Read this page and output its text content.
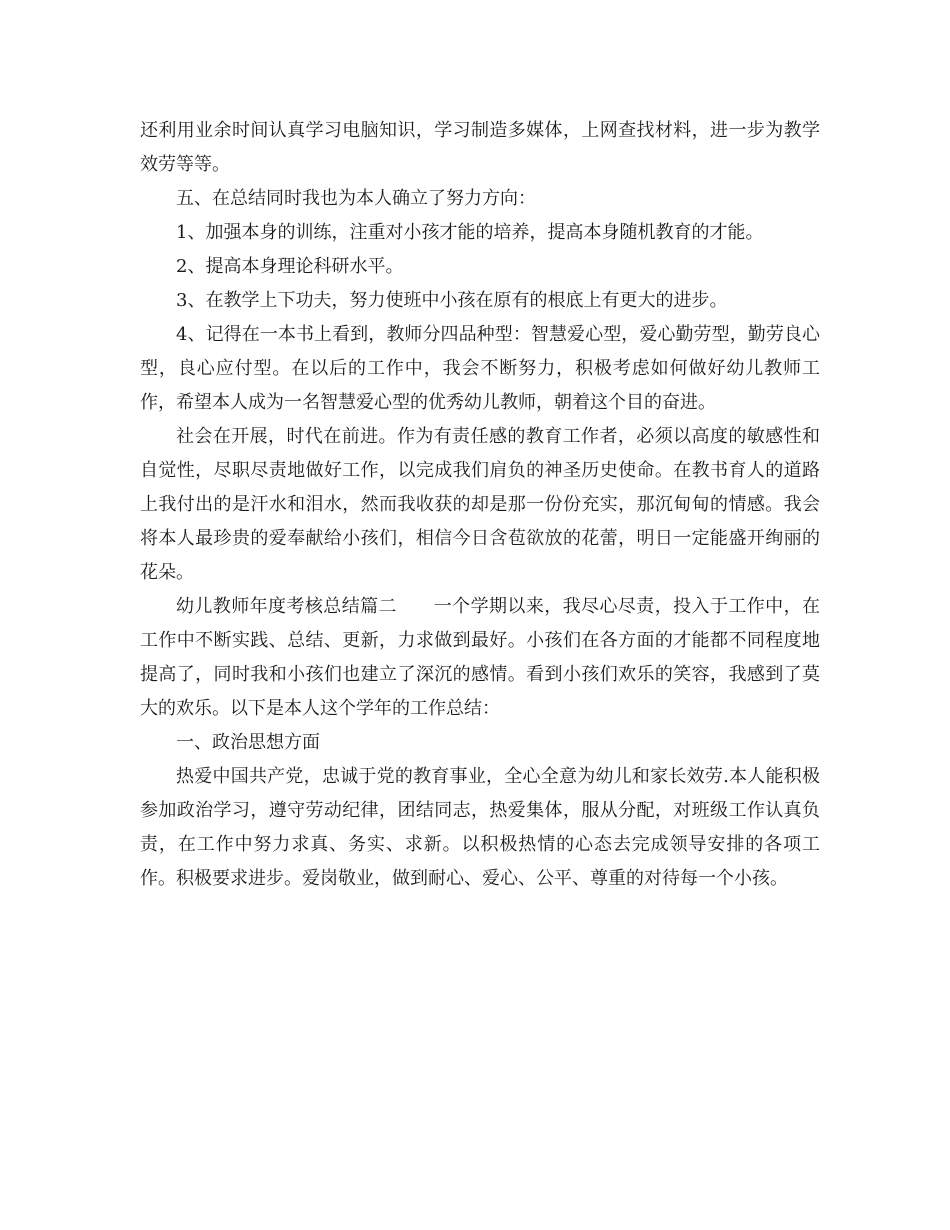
还利用业余时间认真学习电脑知识，学习制造多媒体，上网查找材料，进一步为教学效劳等等。

五、在总结同时我也为本人确立了努力方向：

1、加强本身的训练，注重对小孩才能的培养，提高本身随机教育的才能。

2、提高本身理论科研水平。

3、在教学上下功夫，努力使班中小孩在原有的根底上有更大的进步。

4、记得在一本书上看到，教师分四品种型：智慧爱心型，爱心勤劳型，勤劳良心型，良心应付型。在以后的工作中，我会不断努力，积极考虑如何做好幼儿教师工作，希望本人成为一名智慧爱心型的优秀幼儿教师，朝着这个目的奋进。

社会在开展，时代在前进。作为有责任感的教育工作者，必须以高度的敏感性和自觉性，尽职尽责地做好工作，以完成我们肩负的神圣历史使命。在教书育人的道路上我付出的是汗水和泪水，然而我收获的却是那一份份充实，那沉甸甸的情感。我会将本人最珍贵的爱奉献给小孩们，相信今日含苞欲放的花蕾，明日一定能盛开绚丽的花朵。

幼儿教师年度考核总结篇二　　一个学期以来，我尽心尽责，投入于工作中，在工作中不断实践、总结、更新，力求做到最好。小孩们在各方面的才能都不同程度地提高了，同时我和小孩们也建立了深沉的感情。看到小孩们欢乐的笑容，我感到了莫大的欢乐。以下是本人这个学年的工作总结：

一、政治思想方面

热爱中国共产党，忠诚于党的教育事业，全心全意为幼儿和家长效劳.本人能积极参加政治学习，遵守劳动纪律，团结同志，热爱集体，服从分配，对班级工作认真负责，在工作中努力求真、务实、求新。以积极热情的心态去完成领导安排的各项工作。积极要求进步。爱岗敬业，做到耐心、爱心、公平、尊重的对待每一个小孩。
